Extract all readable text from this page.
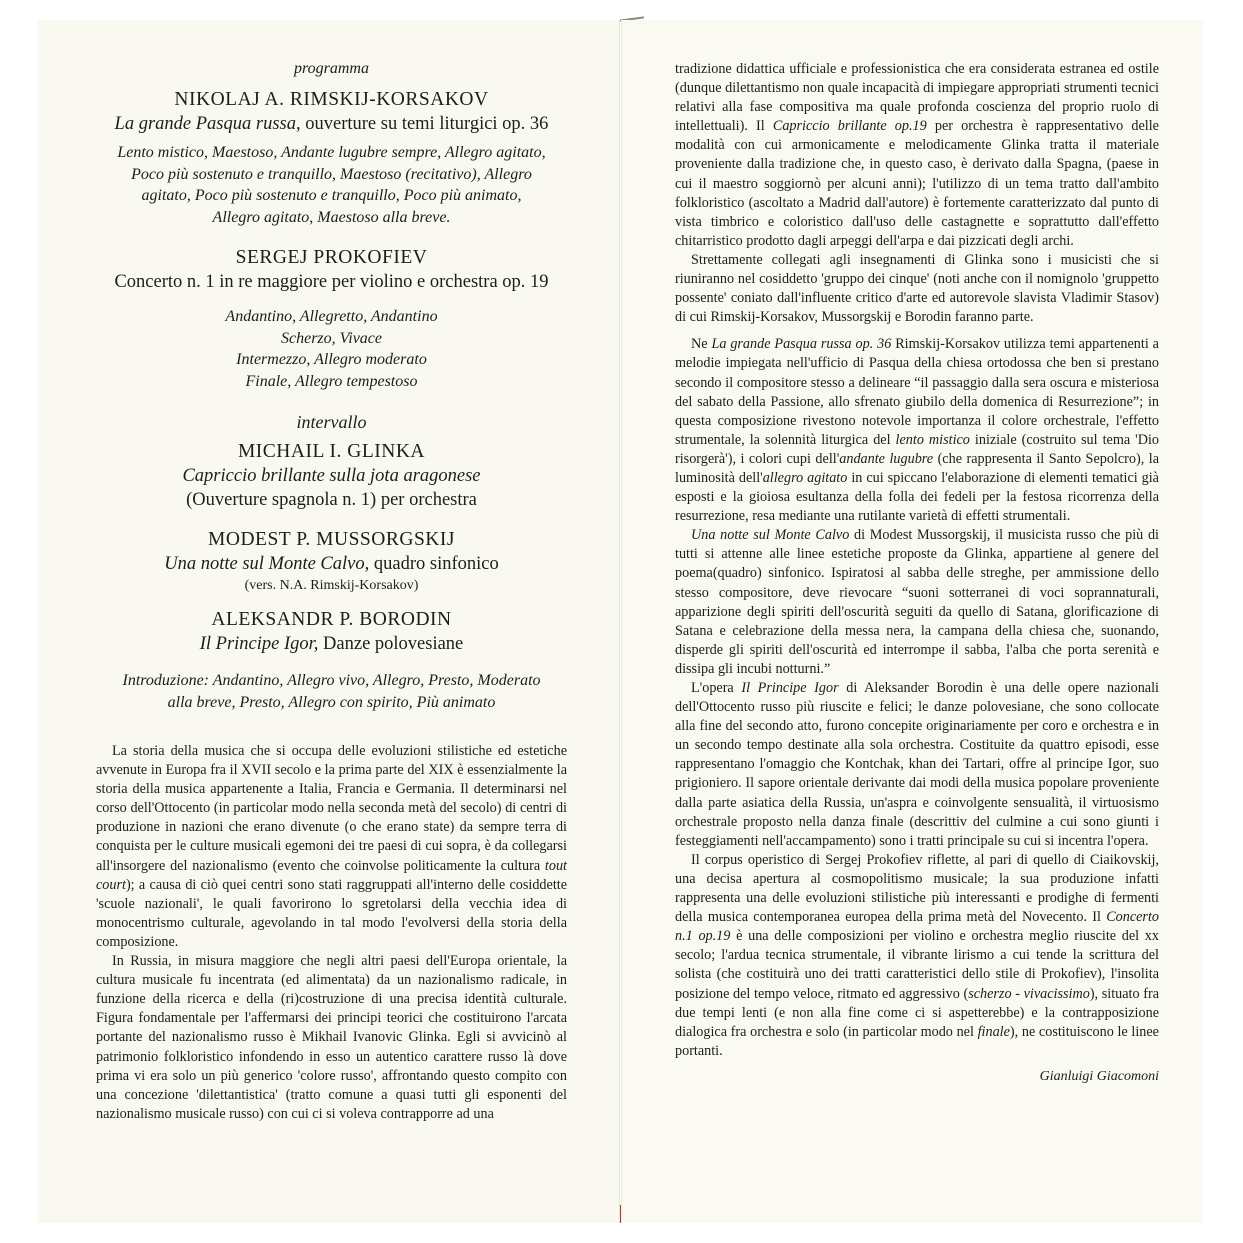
programma

NIKOLAJ A. RIMSKIJ-KORSAKOV

La grande Pasqua russa, ouverture su temi liturgici op. 36

Lento mistico, Maestoso, Andante lugubre sempre, Allegro agitato,
Poco più sostenuto e tranquillo, Maestoso (recitativo), Allegro
agitato, Poco più sostenuto e tranquillo, Poco più animato,
Allegro agitato, Maestoso alla breve.

SERGEJ PROKOFIEV

Concerto n. 1 in re maggiore per violino e orchestra op. 19

Andantino, Allegretto, Andantino
Scherzo, Vivace
Intermezzo, Allegro moderato
Finale, Allegro tempestoso

intervallo

MICHAIL I. GLINKA

Capriccio brillante sulla jota aragonese

(Ouverture spagnola n. 1) per orchestra

MODEST P. MUSSORGSKIJ

Una notte sul Monte Calvo, quadro sinfonico

(vers. N.A. Rimskij-Korsakov)

ALEKSANDR P. BORODIN

Il Principe Igor, Danze polovesiane

Introduzione: Andantino, Allegro vivo, Allegro, Presto, Moderato
alla breve, Presto, Allegro con spirito, Più animato

La storia della musica che si occupa delle evoluzioni stilistiche ed estetiche avvenute in Europa fra il XVII secolo e la prima parte del XIX è essenzialmente la storia della musica appartenente a Italia, Francia e Germania. Il determinarsi nel corso dell'Ottocento (in particolar modo nella seconda metà del secolo) di centri di produzione in nazioni che erano divenute (o che erano state) da sempre terra di conquista per le culture musicali egemoni dei tre paesi di cui sopra, è da collegarsi all'insorgere del nazionalismo (evento che coinvolse politicamente la cultura tout court); a causa di ciò quei centri sono stati raggruppati all'interno delle cosiddette 'scuole nazionali', le quali favorirono lo sgretolarsi della vecchia idea di monocentrismo culturale, agevolando in tal modo l'evolversi della storia della composizione.

In Russia, in misura maggiore che negli altri paesi dell'Europa orientale, la cultura musicale fu incentrata (ed alimentata) da un nazionalismo radicale, in funzione della ricerca e della (ri)costruzione di una precisa identità culturale. Figura fondamentale per l'affermarsi dei principi teorici che costituirono l'arcata portante del nazionalismo russo è Mikhail Ivanovic Glinka. Egli si avvicinò al patrimonio folkloristico infondendo in esso un autentico carattere russo là dove prima vi era solo un più generico 'colore russo', affrontando questo compito con una concezione 'dilettantistica' (tratto comune a quasi tutti gli esponenti del nazionalismo musicale russo) con cui ci si voleva contrapporre ad una

tradizione didattica ufficiale e professionistica che era considerata estranea ed ostile (dunque dilettantismo non quale incapacità di impiegare appropriati strumenti tecnici relativi alla fase compositiva ma quale profonda coscienza del proprio ruolo di intellettuali). Il Capriccio brillante op.19 per orchestra è rappresentativo delle modalità con cui armonicamente e melodicamente Glinka tratta il materiale proveniente dalla tradizione che, in questo caso, è derivato dalla Spagna, (paese in cui il maestro soggiornò per alcuni anni); l'utilizzo di un tema tratto dall'ambito folkloristico (ascoltato a Madrid dall'autore) è fortemente caratterizzato dal punto di vista timbrico e coloristico dall'uso delle castagnette e soprattutto dall'effetto chitarristico prodotto dagli arpeggi dell'arpa e dai pizzicati degli archi.

Strettamente collegati agli insegnamenti di Glinka sono i musicisti che si riuniranno nel cosiddetto 'gruppo dei cinque' (noti anche con il nomignolo 'gruppetto possente' coniato dall'influente critico d'arte ed autorevole slavista Vladimir Stasov) di cui Rimskij-Korsakov, Mussorgskij e Borodin faranno parte.

Ne La grande Pasqua russa op. 36 Rimskij-Korsakov utilizza temi appartenenti a melodie impiegata nell'ufficio di Pasqua della chiesa ortodossa che ben si prestano secondo il compositore stesso a delineare “il passaggio dalla sera oscura e misteriosa del sabato della Passione, allo sfrenato giubilo della domenica di Resurrezione”; in questa composizione rivestono notevole importanza il colore orchestrale, l'effetto strumentale, la solennità liturgica del lento mistico iniziale (costruito sul tema 'Dio risorgerà'), i colori cupi dell'andante lugubre (che rappresenta il Santo Sepolcro), la luminosità dell'allegro agitato in cui spiccano l'elaborazione di elementi tematici già esposti e la gioiosa esultanza della folla dei fedeli per la festosa ricorrenza della resurrezione, resa mediante una rutilante varietà di effetti strumentali.

Una notte sul Monte Calvo di Modest Mussorgskij, il musicista russo che più di tutti si attenne alle linee estetiche proposte da Glinka, appartiene al genere del poema(quadro) sinfonico. Ispiratosi al sabba delle streghe, per ammissione dello stesso compositore, deve rievocare “suoni sotterranei di voci soprannaturali, apparizione degli spiriti dell'oscurità seguiti da quello di Satana, glorificazione di Satana e celebrazione della messa nera, la campana della chiesa che, suonando, disperde gli spiriti dell'oscurità ed interrompe il sabba, l'alba che porta serenità e dissipa gli incubi notturni.”

L'opera Il Principe Igor di Aleksander Borodin è una delle opere nazionali dell'Ottocento russo più riuscite e felici; le danze polovesiane, che sono collocate alla fine del secondo atto, furono concepite originariamente per coro e orchestra e in un secondo tempo destinate alla sola orchestra. Costituite da quattro episodi, esse rappresentano l'omaggio che Kontchak, khan dei Tartari, offre al principe Igor, suo prigioniero. Il sapore orientale derivante dai modi della musica popolare proveniente dalla parte asiatica della Russia, un'aspra e coinvolgente sensualità, il virtuosismo orchestrale proposto nella danza finale (descrittiv del culmine a cui sono giunti i festeggiamenti nell'accampamento) sono i tratti principale su cui si incentra l'opera.

Il corpus operistico di Sergej Prokofiev riflette, al pari di quello di Ciaikovskij, una decisa apertura al cosmopolitismo musicale; la sua produzione infatti rappresenta una delle evoluzioni stilistiche più interessanti e prodighe di fermenti della musica contemporanea europea della prima metà del Novecento. Il Concerto n.1 op.19 è una delle composizioni per violino e orchestra meglio riuscite del xx secolo; l'ardua tecnica strumentale, il vibrante lirismo a cui tende la scrittura del solista (che costituirà uno dei tratti caratteristici dello stile di Prokofiev), l'insolita posizione del tempo veloce, ritmato ed aggressivo (scherzo - vivacissimo), situato fra due tempi lenti (e non alla fine come ci si aspetterebbe) e la contrapposizione dialogica fra orchestra e solo (in particolar modo nel finale), ne costituiscono le linee portanti.

Gianluigi Giacomoni
